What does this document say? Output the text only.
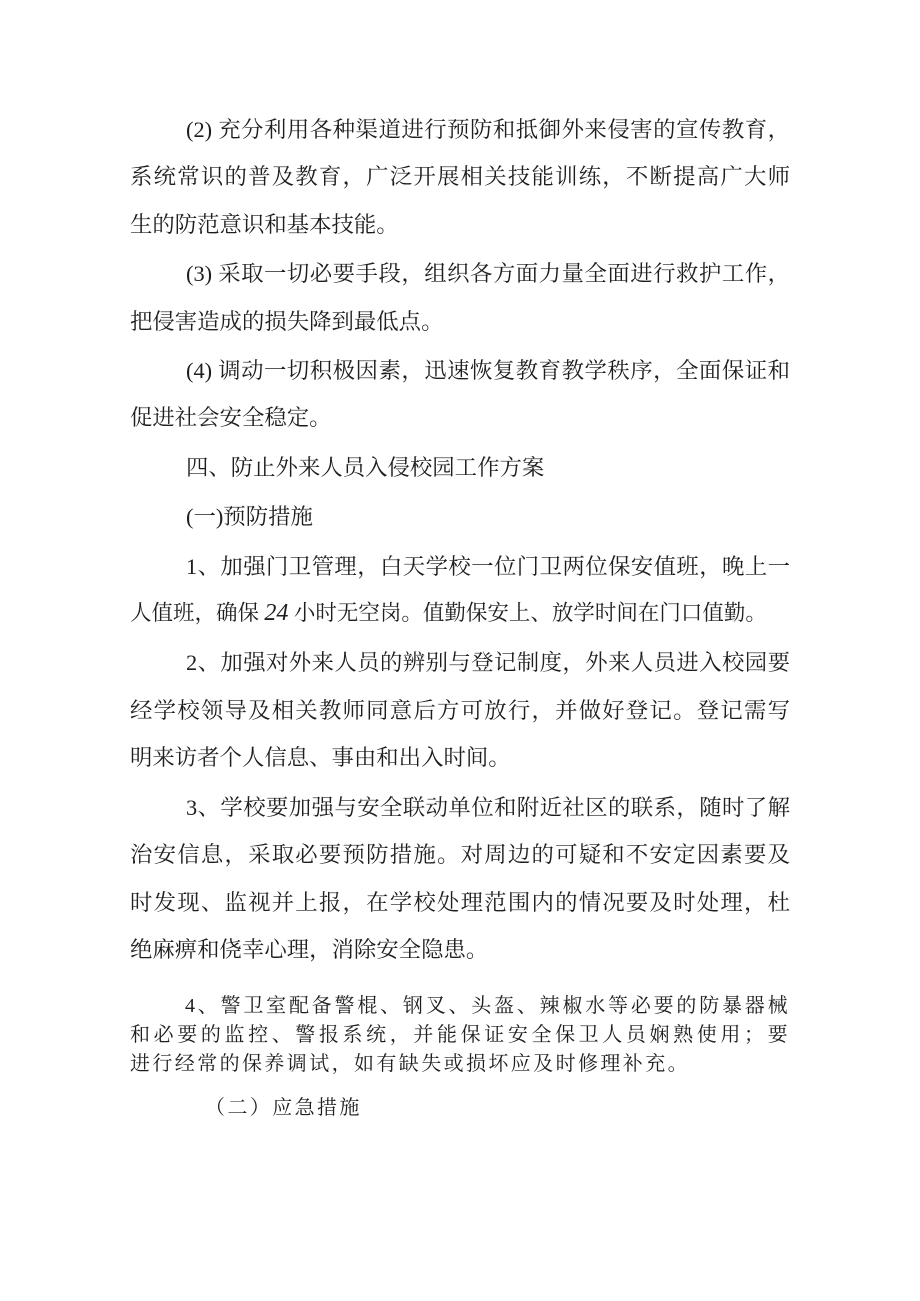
(2) 充分利用各种渠道进行预防和抵御外来侵害的宣传教育，
系统常识的普及教育，广泛开展相关技能训练，不断提高广大师
生的防范意识和基本技能。
(3) 采取一切必要手段，组织各方面力量全面进行救护工作，
把侵害造成的损失降到最低点。
(4) 调动一切积极因素，迅速恢复教育教学秩序，全面保证和
促进社会安全稳定。
四、防止外来人员入侵校园工作方案
(一)预防措施
1、加强门卫管理，白天学校一位门卫两位保安值班，晚上一
人值班，确保 24 小时无空岗。值勤保安上、放学时间在门口值勤。
2、加强对外来人员的辨别与登记制度，外来人员进入校园要
经学校领导及相关教师同意后方可放行，并做好登记。登记需写
明来访者个人信息、事由和出入时间。
3、学校要加强与安全联动单位和附近社区的联系，随时了解
治安信息，采取必要预防措施。对周边的可疑和不安定因素要及
时发现、监视并上报，在学校处理范围内的情况要及时处理，杜
绝麻痹和侥幸心理，消除安全隐患。
4、警卫室配备警棍、钢叉、头盔、辣椒水等必要的防暴器械
和必要的监控、警报系统，并能保证安全保卫人员娴熟使用；要
进行经常的保养调试，如有缺失或损坏应及时修理补充。
（二）应急措施
